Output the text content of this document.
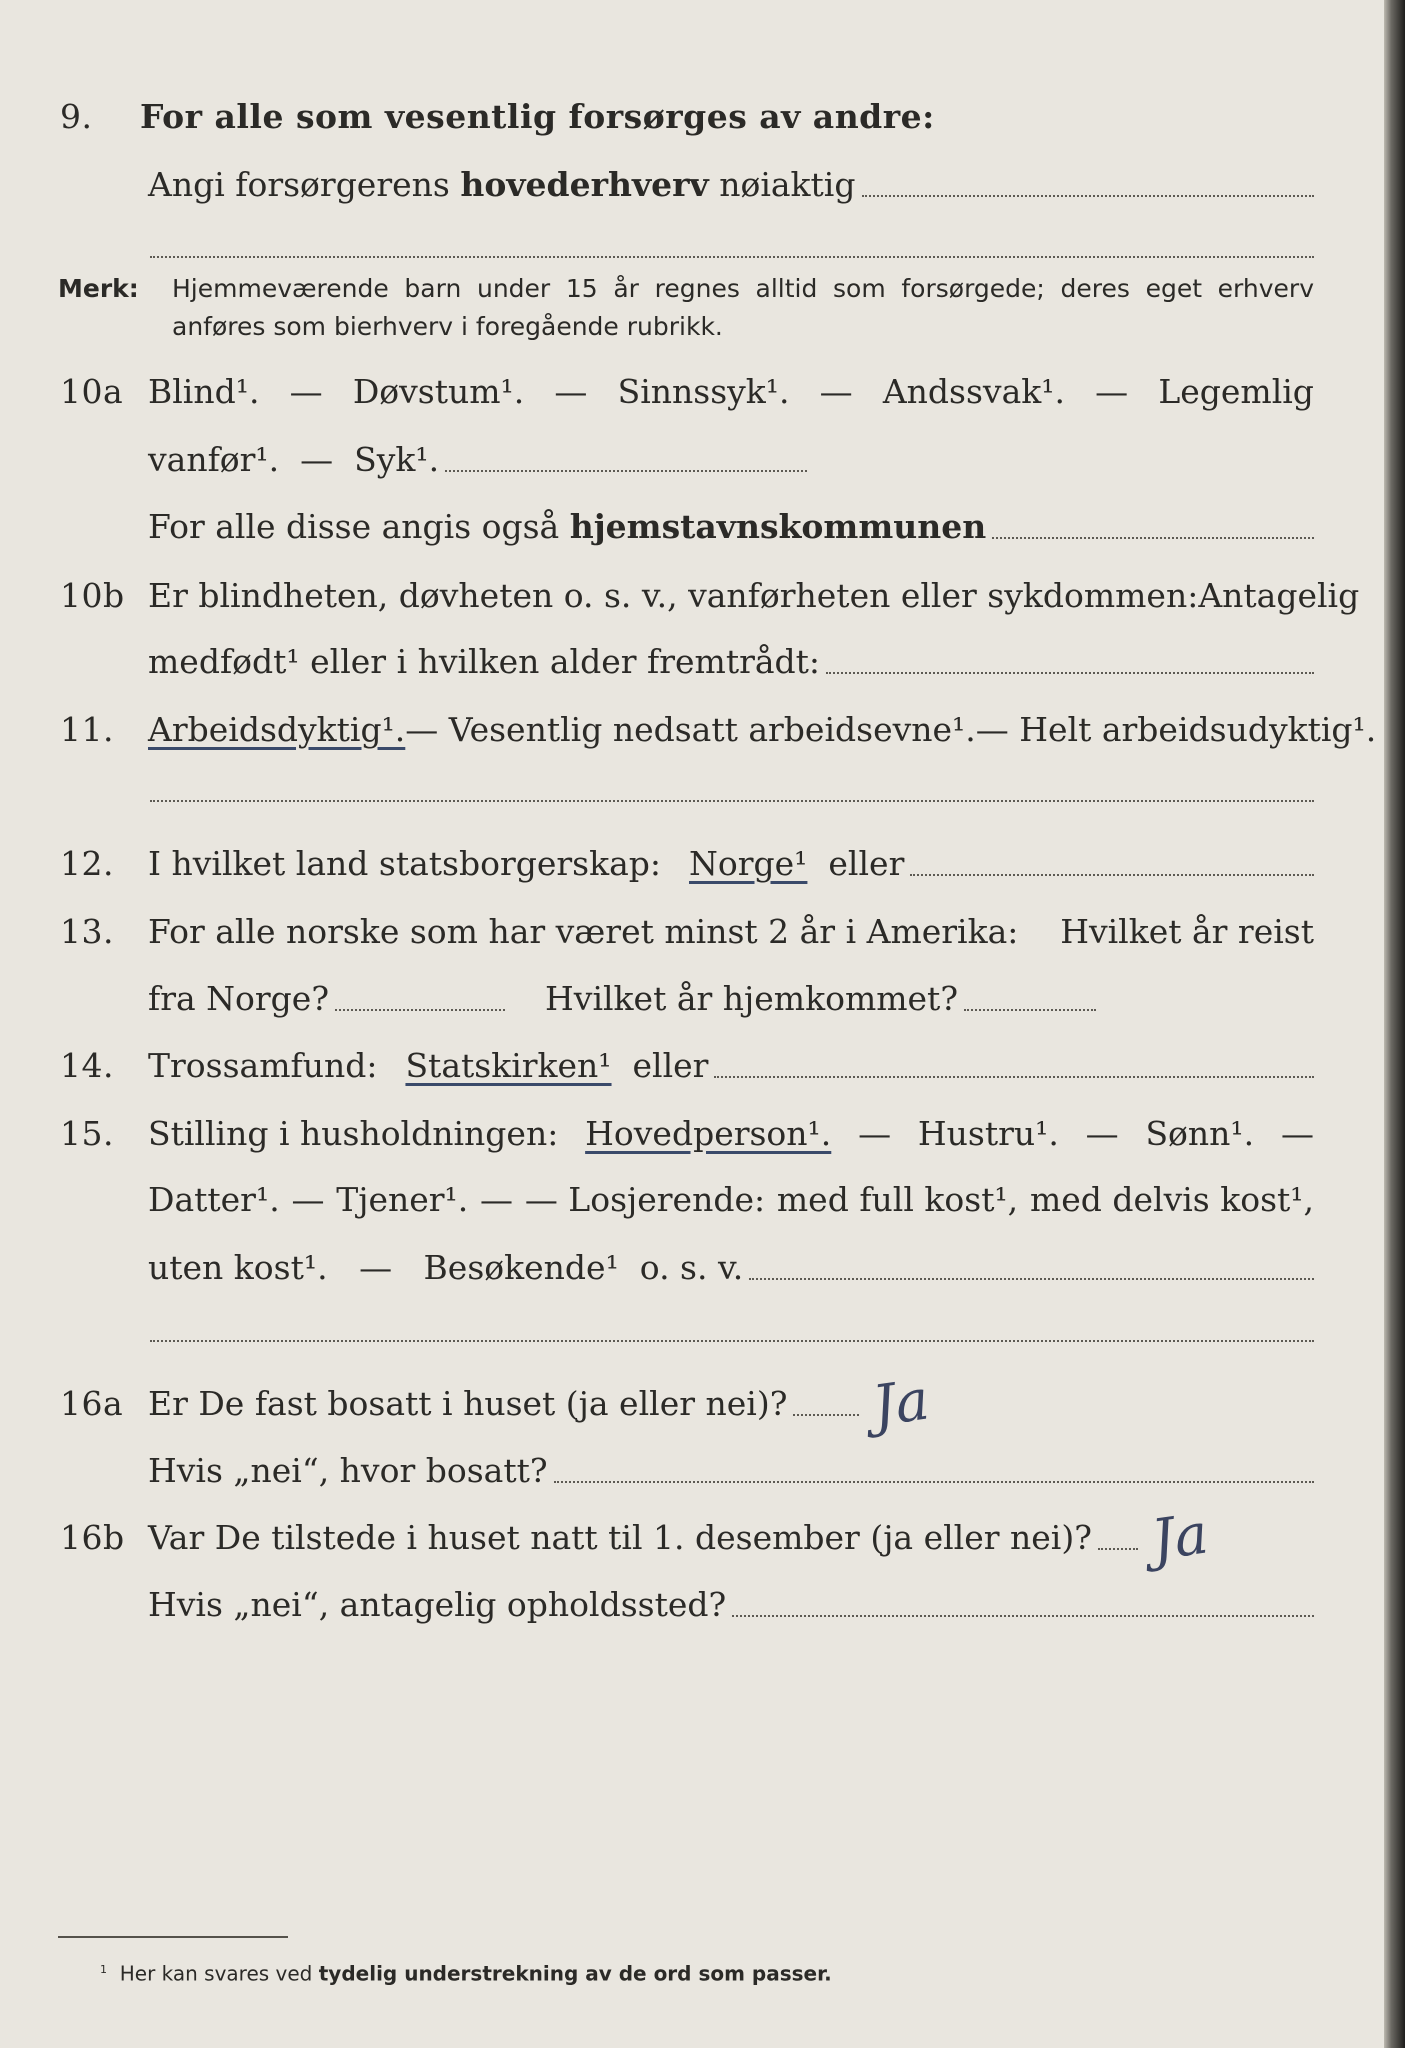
9. For alle som vesentlig forsørges av andre:
Angi forsørgerens
hovederhverv
nøiaktig
Merk: Hjemmeværende barn under 15 år regnes alltid som forsørgede; deres eget erhverv anføres som bierhverv i foregående rubrikk.
10a Blind¹. — Døvstum¹. — Sinnssyk¹. — Andssvak¹. — Legemlig
vanfør¹.
—
Syk¹.
For alle disse angis også
hjemstavnskommunen
10b Er blindheten, døvheten o. s. v., vanførheten eller sykdommen: Antagelig
medfødt¹ eller i hvilken alder fremtrådt:
11. Arbeidsdyktig¹. — Vesentlig nedsatt arbeidsevne¹. — Helt arbeidsudyktig¹.
12. I hvilket land statsborgerskap: Norge¹
eller
13. For alle norske som har været minst 2 år i Amerika: Hvilket år reist
fra Norge?	Hvilket år hjemkommet?
14. Trossamfund: Statskirken¹
eller
15. Stilling i husholdningen: Hovedperson¹. — Hustru¹. — Sønn¹. —
Datter¹. — Tjener¹. — — Losjerende: med full kost¹, med delvis kost¹,
uten kost¹.
—
Besøkende¹
o. s. v.
16a Er De fast bosatt i huset (ja eller nei)? Ja
Hvis „nei“, hvor bosatt?
16b Var De tilstede i huset natt til 1. desember (ja eller nei)? Ja
Hvis „nei“, antagelig opholdssted?
$^1$ Her kan svares ved tydelig understrekning av de ord som passer.
